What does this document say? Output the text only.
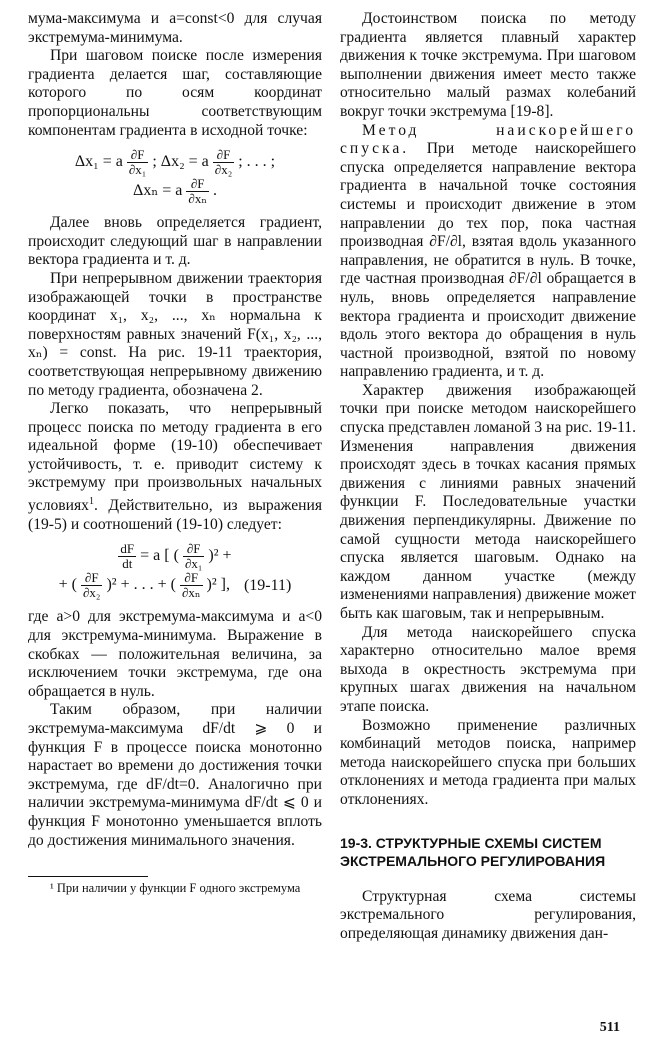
мума-максимума и a=const<0 для случая экстремума-минимума.

При шаговом поиске после измерения градиента делается шаг, составляющие которого по осям координат пропорциональны соответствующим компонентам градиента в исходной точке:

Δx₁ = a $\frac{\partial F}{\text{∂x₁}}$ ; Δx₂ = a $\frac{\partial F}{\text{∂x₂}}$ ; . . . ;
Δxₙ = a $\frac{\partial F}{\text{∂xₙ}}$ .

Далее вновь определяется градиент, происходит следующий шаг в направлении вектора градиента и т. д.

При непрерывном движении траектория изображающей точки в пространстве координат x₁, x₂, ..., xₙ нормальна к поверхностям равных значений F(x₁, x₂, ..., xₙ) = const. На рис. 19-11 траектория, соответствующая непрерывному движению по методу градиента, обозначена 2.

Легко показать, что непрерывный процесс поиска по методу градиента в его идеальной форме (19-10) обеспечивает устойчивость, т. е. приводит систему к экстремуму при произвольных начальных условиях$^1$. Действительно, из выражения (19-5) и соотношений (19-10) следует:

$\frac{dF}{dt} = a$ [ ( $\frac{\partial F}{\text{∂x₁}} )^2$ +
+ ( $\frac{\partial F}{\text{∂x₂}} )^2$ + . . . + ( $\frac{\partial F}{\text{∂xₙ}} )^2$ ], (19-11)

где a>0 для экстремума-максимума и a<0 для экстремума-минимума. Выражение в скобках — положительная величина, за исключением точки экстремума, где она обращается в нуль.

Таким образом, при наличии экстремума-максимума dF/dt ⩾ 0 и функция F в процессе поиска монотонно нарастает во времени до достижения точки экстремума, где dF/dt=0. Аналогично при наличии экстремума-минимума dF/dt ⩽ 0 и функция F монотонно уменьшается вплоть до достижения минимального значения.

¹ При наличии у функции F одного экстремума

Достоинством поиска по методу градиента является плавный характер движения к точке экстремума. При шаговом выполнении движения имеет место также относительно малый размах колебаний вокруг точки экстремума [19-8].

Метод наискорейшего спуска. При методе наискорейшего спуска определяется направление вектора градиента в начальной точке состояния системы и происходит движение в этом направлении до тех пор, пока частная производная ∂F/∂l, взятая вдоль указанного направления, не обратится в нуль. В точке, где частная производная ∂F/∂l обращается в нуль, вновь определяется направление вектора градиента и происходит движение вдоль этого вектора до обращения в нуль частной производной, взятой по новому направлению градиента, и т. д.

Характер движения изображающей точки при поиске методом наискорейшего спуска представлен ломаной 3 на рис. 19-11. Изменения направления движения происходят здесь в точках касания прямых движения с линиями равных значений функции F. Последовательные участки движения перпендикулярны. Движение по самой сущности метода наискорейшего спуска является шаговым. Однако на каждом данном участке (между изменениями направления) движение может быть как шаговым, так и непрерывным.

Для метода наискорейшего спуска характерно относительно малое время выхода в окрестность экстремума при крупных шагах движения на начальном этапе поиска.

Возможно применение различных комбинаций методов поиска, например метода наискорейшего спуска при больших отклонениях и метода градиента при малых отклонениях.

19-3. СТРУКТУРНЫЕ СХЕМЫ СИСТЕМ ЭКСТРЕМАЛЬНОГО РЕГУЛИРОВАНИЯ

Структурная схема системы экстремального регулирования, определяющая динамику движения дан-

511
